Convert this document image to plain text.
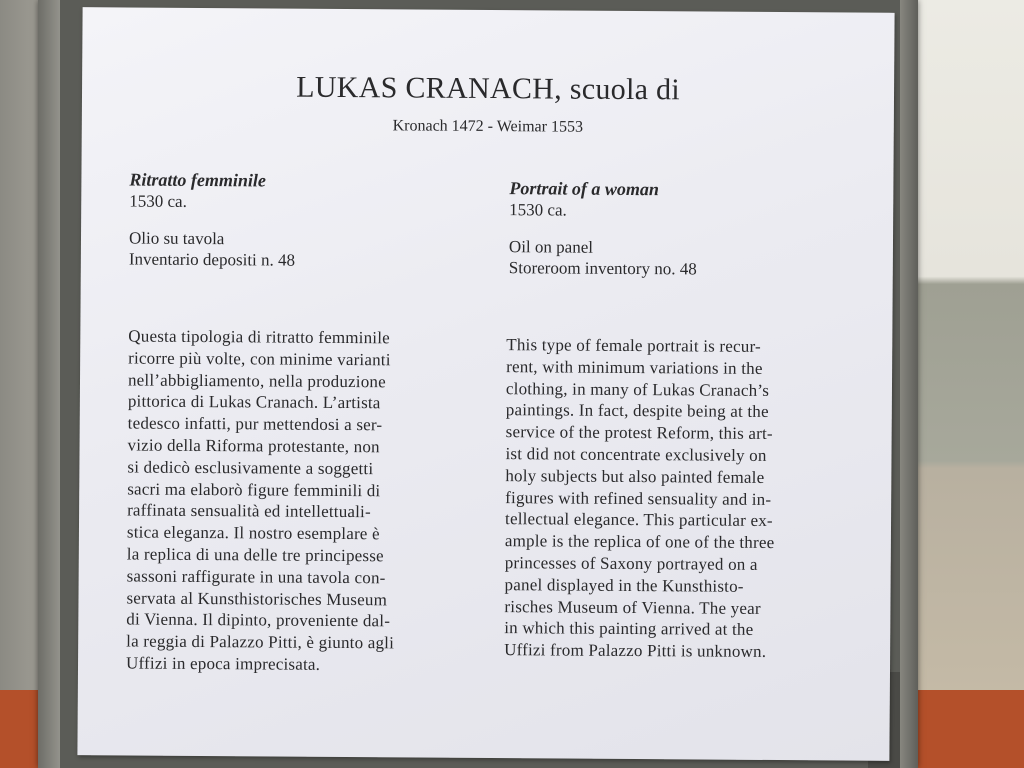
LUKAS CRANACH, scuola di
Kronach 1472 - Weimar 1553
Ritratto femminile
1530 ca.
Olio su tavola
Inventario depositi n. 48
Portrait of a woman
1530 ca.
Oil on panel
Storeroom inventory no. 48
Questa tipologia di ritratto femminile
ricorre più volte, con minime varianti
nell’abbigliamento, nella produzione
pittorica di Lukas Cranach. L’artista
tedesco infatti, pur mettendosi a ser-
vizio della Riforma protestante, non
si dedicò esclusivamente a soggetti
sacri ma elaborò figure femminili di
raffinata sensualità ed intellettuali-
stica eleganza. Il nostro esemplare è
la replica di una delle tre principesse
sassoni raffigurate in una tavola con-
servata al Kunsthistorisches Museum
di Vienna. Il dipinto, proveniente dal-
la reggia di Palazzo Pitti, è giunto agli
Uffizi in epoca imprecisata.
This type of female portrait is recur-
rent, with minimum variations in the
clothing, in many of Lukas Cranach’s
paintings. In fact, despite being at the
service of the protest Reform, this art-
ist did not concentrate exclusively on
holy subjects but also painted female
figures with refined sensuality and in-
tellectual elegance. This particular ex-
ample is the replica of one of the three
princesses of Saxony portrayed on a
panel displayed in the Kunsthisto-
risches Museum of Vienna. The year
in which this painting arrived at the
Uffizi from Palazzo Pitti is unknown.
